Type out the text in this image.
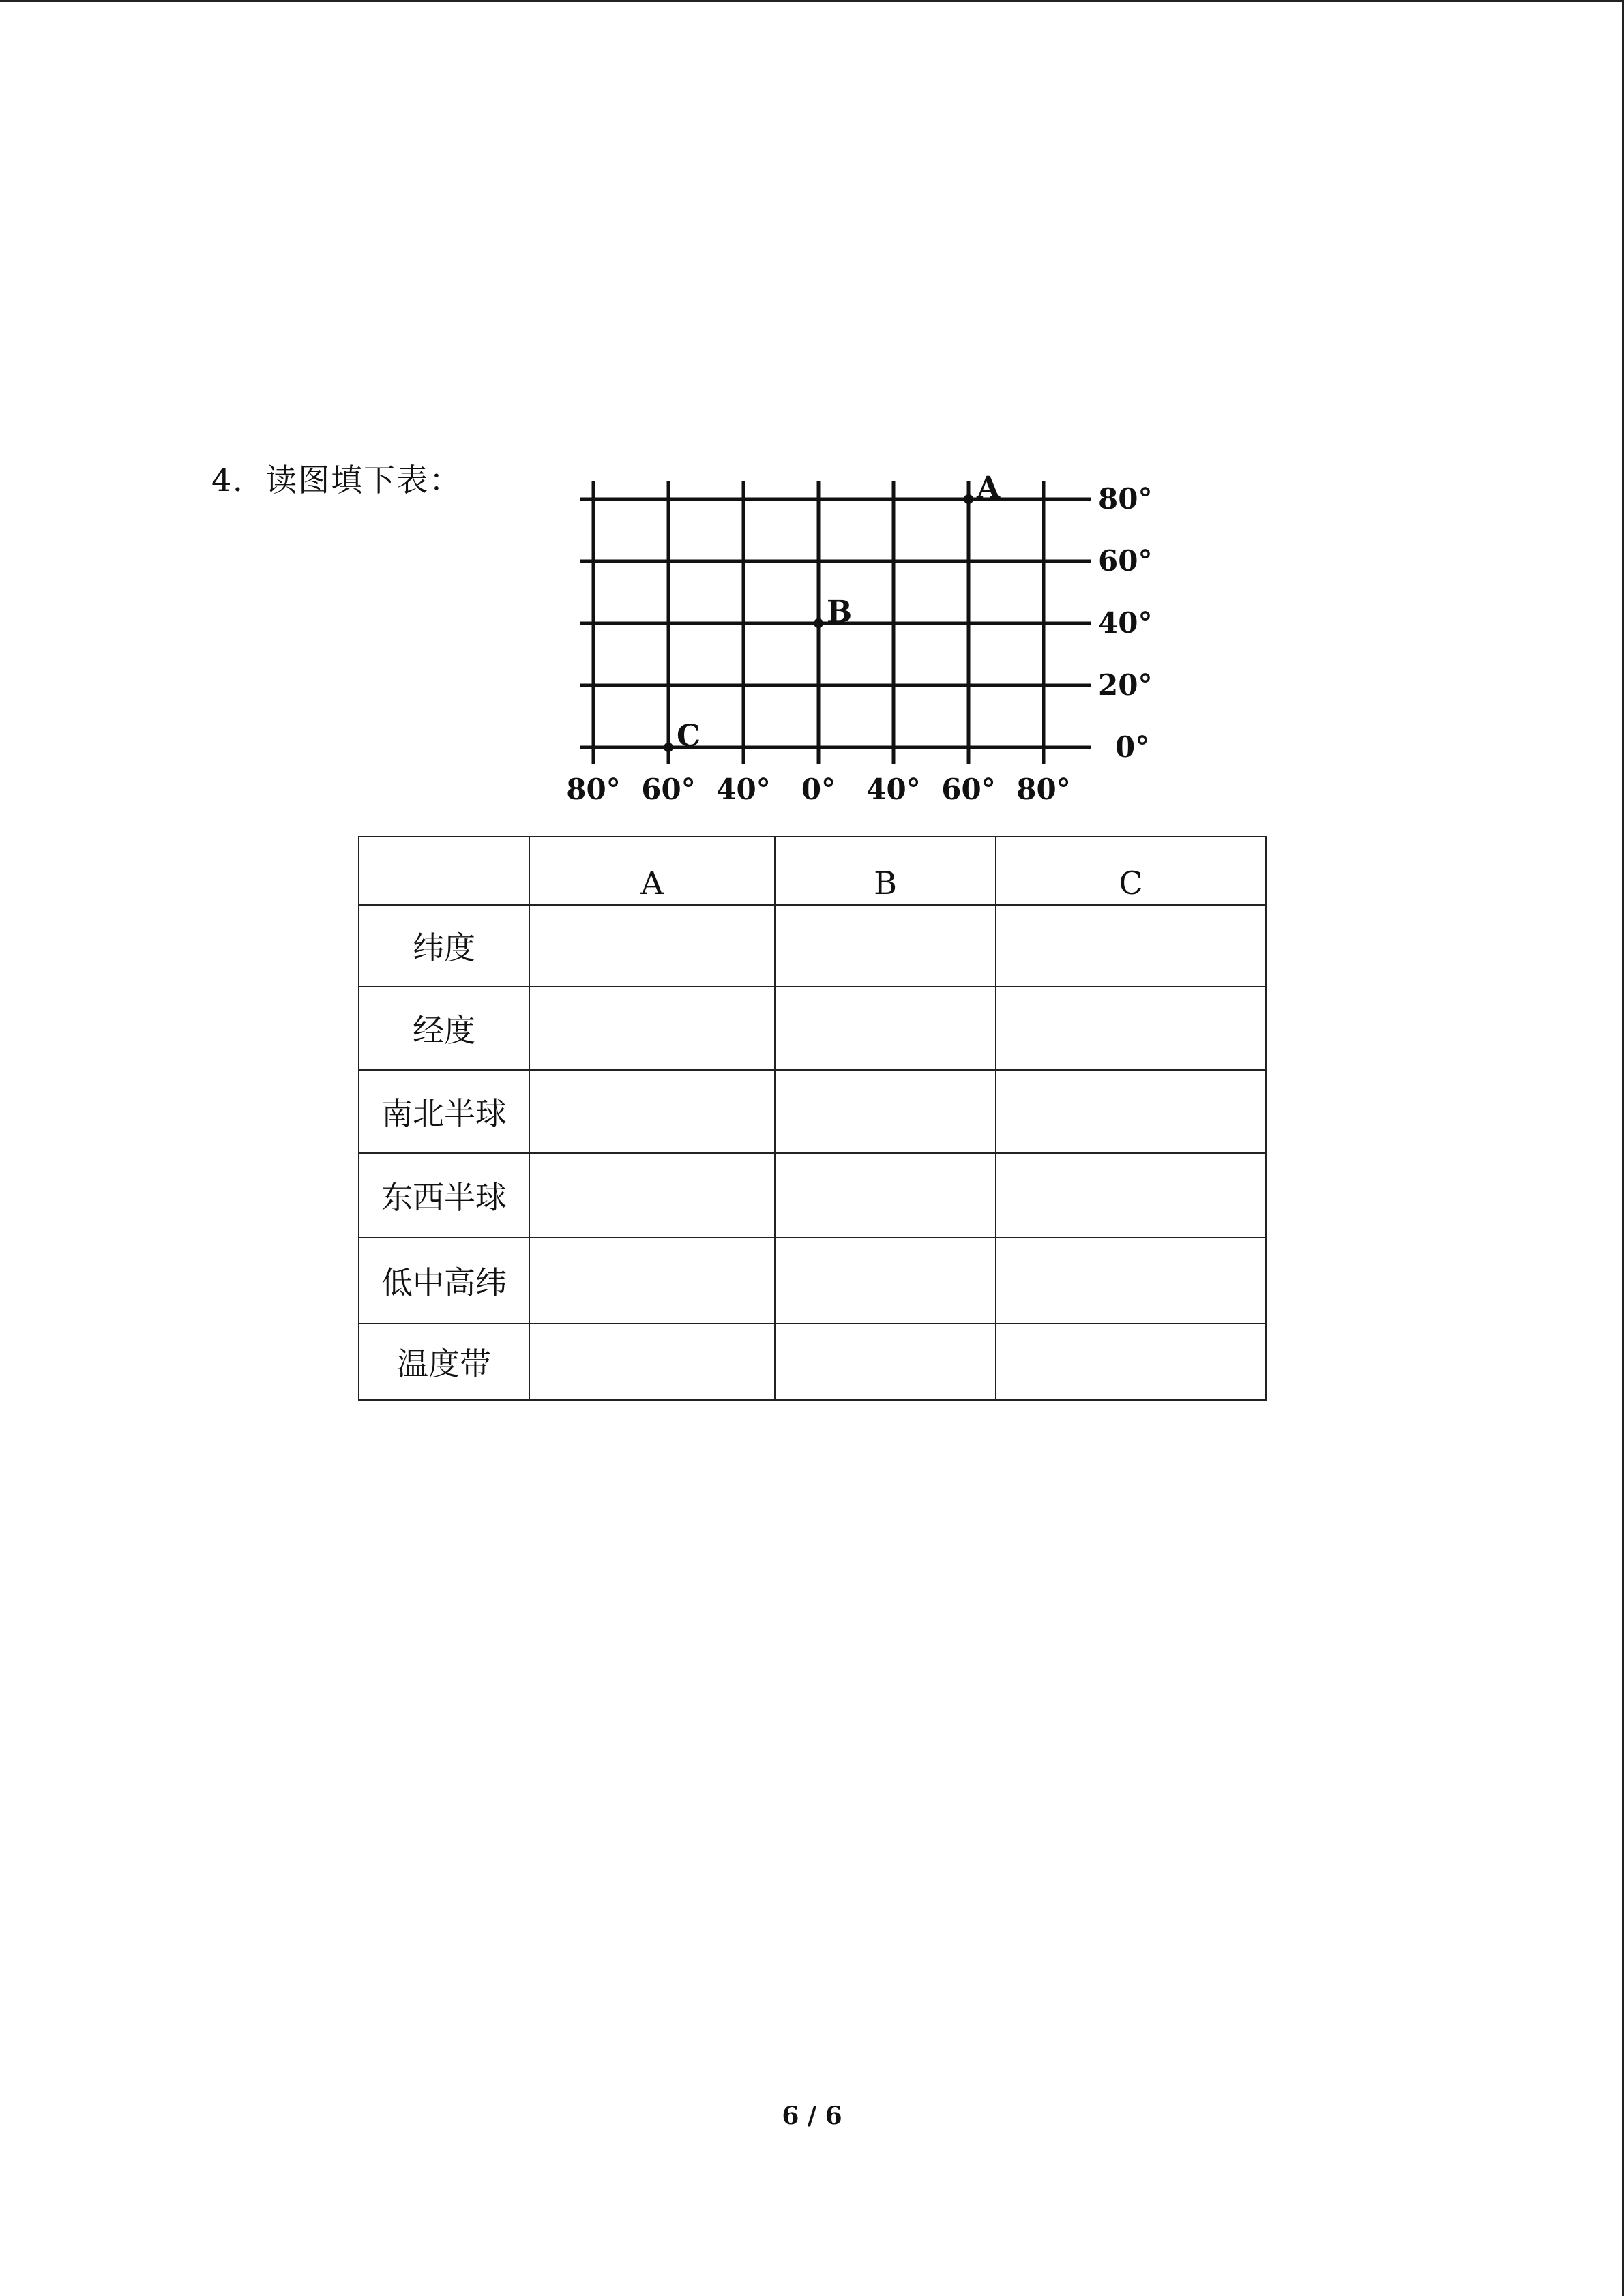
4．读图填下表：
80°
60°
40°
20°
0°
80° 60° 40° 0° 40° 60° 80°
A
B
C
	A	B	C
纬度			
经度			
南北半球			
东西半球			
低中高纬			
温度带			
6 / 6
